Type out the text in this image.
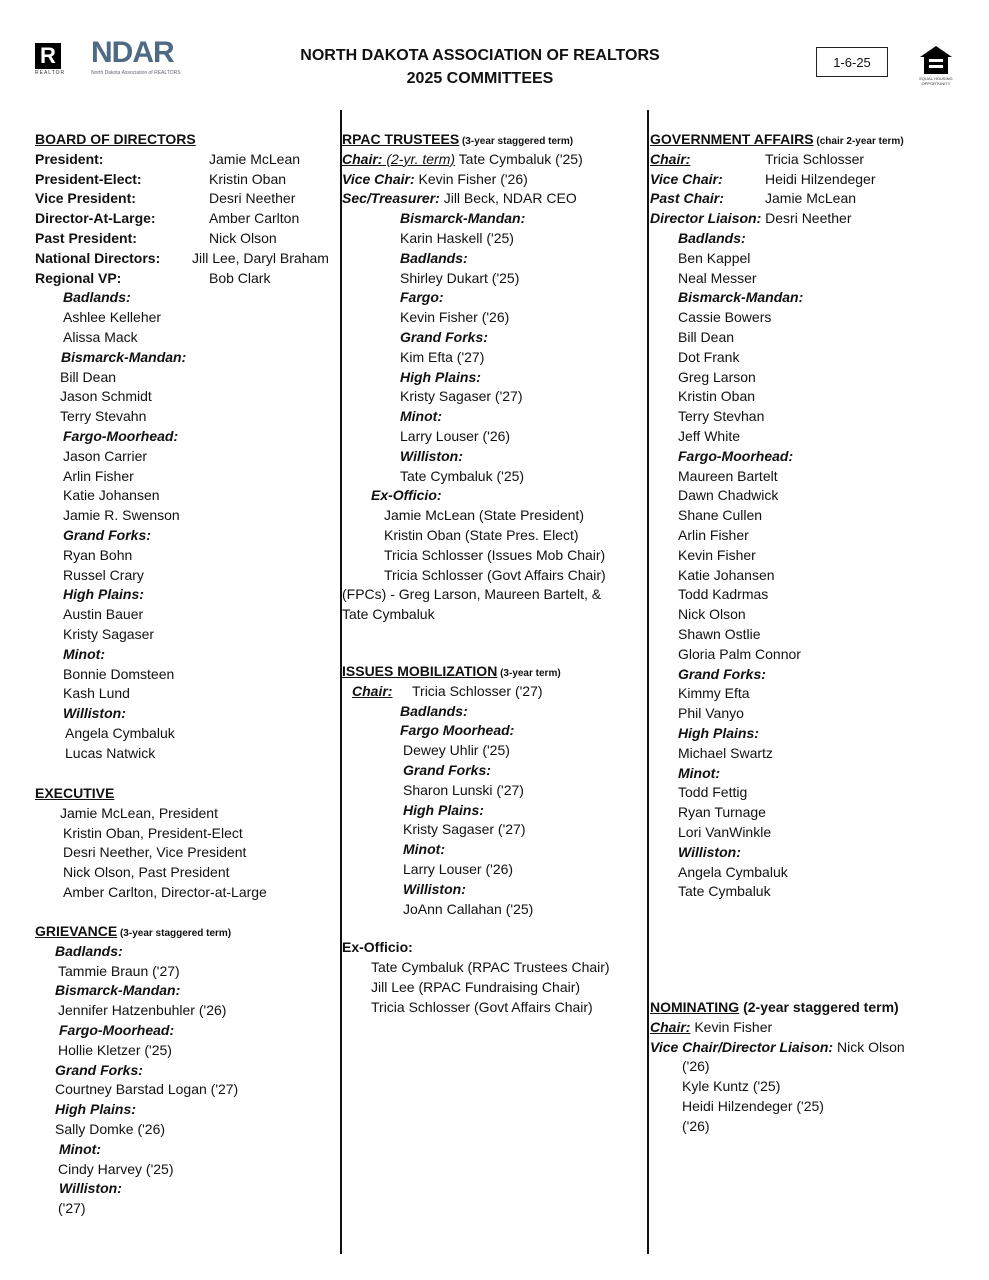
R
REALTOR
NDAR
North Dakota Association of REALTORS
NORTH DAKOTA ASSOCIATION OF REALTORS
2025 COMMITTEES
1-6-25
EQUAL HOUSING OPPORTUNITY
BOARD OF DIRECTORS
President:	Jamie McLean
President-Elect:	Kristin Oban
Vice President:	Desri Neether
Director-At-Large:	Amber Carlton
Past President:	Nick Olson
National Directors: Jill Lee, Daryl Braham
Regional VP:	Bob Clark
Badlands:
Ashlee Kelleher
Alissa Mack
Bismarck-Mandan:
Bill Dean
Jason Schmidt
Terry Stevahn
Fargo-Moorhead:
Jason Carrier
Arlin Fisher
Katie Johansen
Jamie R. Swenson
Grand Forks:
Ryan Bohn
Russel Crary
High Plains:
Austin Bauer
Kristy Sagaser
Minot:
Bonnie Domsteen
Kash Lund
Williston:
Angela Cymbaluk
Lucas Natwick
EXECUTIVE
Jamie McLean, President
Kristin Oban, President-Elect
Desri Neether, Vice President
Nick Olson, Past President
Amber Carlton, Director-at-Large
GRIEVANCE (3-year staggered term)
Badlands:
Tammie Braun ('27)
Bismarck-Mandan:
Jennifer Hatzenbuhler ('26)
Fargo-Moorhead:
Hollie Kletzer ('25)
Grand Forks:
Courtney Barstad Logan ('27)
High Plains:
Sally Domke ('26)
Minot:
Cindy Harvey ('25)
Williston:
('27)
RPAC TRUSTEES (3-year staggered term)
Chair: (2-yr. term) Tate Cymbaluk ('25)
Vice Chair: Kevin Fisher ('26)
Sec/Treasurer: Jill Beck, NDAR CEO
Bismarck-Mandan:
Karin Haskell ('25)
Badlands:
Shirley Dukart ('25)
Fargo:
Kevin Fisher ('26)
Grand Forks:
Kim Efta ('27)
High Plains:
Kristy Sagaser ('27)
Minot:
Larry Louser ('26)
Williston:
Tate Cymbaluk ('25)
Ex-Officio:
Jamie McLean (State President)
Kristin Oban (State Pres. Elect)
Tricia Schlosser (Issues Mob Chair)
Tricia Schlosser (Govt Affairs Chair)
(FPCs) - Greg Larson, Maureen Bartelt, &
Tate Cymbaluk
ISSUES MOBILIZATION (3-year term)
Chair: Tricia Schlosser ('27)
Badlands:
Fargo Moorhead:
Dewey Uhlir ('25)
Grand Forks:
Sharon Lunski ('27)
High Plains:
Kristy Sagaser ('27)
Minot:
Larry Louser ('26)
Williston:
JoAnn Callahan ('25)
Ex-Officio:
Tate Cymbaluk (RPAC Trustees Chair)
Jill Lee (RPAC Fundraising Chair)
Tricia Schlosser (Govt Affairs Chair)
GOVERNMENT AFFAIRS (chair 2-year term)
Chair:	Tricia Schlosser
Vice Chair:	Heidi Hilzendeger
Past Chair:	Jamie McLean
Director Liaison: Desri Neether
Badlands:
Ben Kappel
Neal Messer
Bismarck-Mandan:
Cassie Bowers
Bill Dean
Dot Frank
Greg Larson
Kristin Oban
Terry Stevhan
Jeff White
Fargo-Moorhead:
Maureen Bartelt
Dawn Chadwick
Shane Cullen
Arlin Fisher
Kevin Fisher
Katie Johansen
Todd Kadrmas
Nick Olson
Shawn Ostlie
Gloria Palm Connor
Grand Forks:
Kimmy Efta
Phil Vanyo
High Plains:
Michael Swartz
Minot:
Todd Fettig
Ryan Turnage
Lori VanWinkle
Williston:
Angela Cymbaluk
Tate Cymbaluk
NOMINATING (2-year staggered term)
Chair: Kevin Fisher
Vice Chair/Director Liaison: Nick Olson
('26)
Kyle Kuntz ('25)
Heidi Hilzendeger ('25)
('26)
